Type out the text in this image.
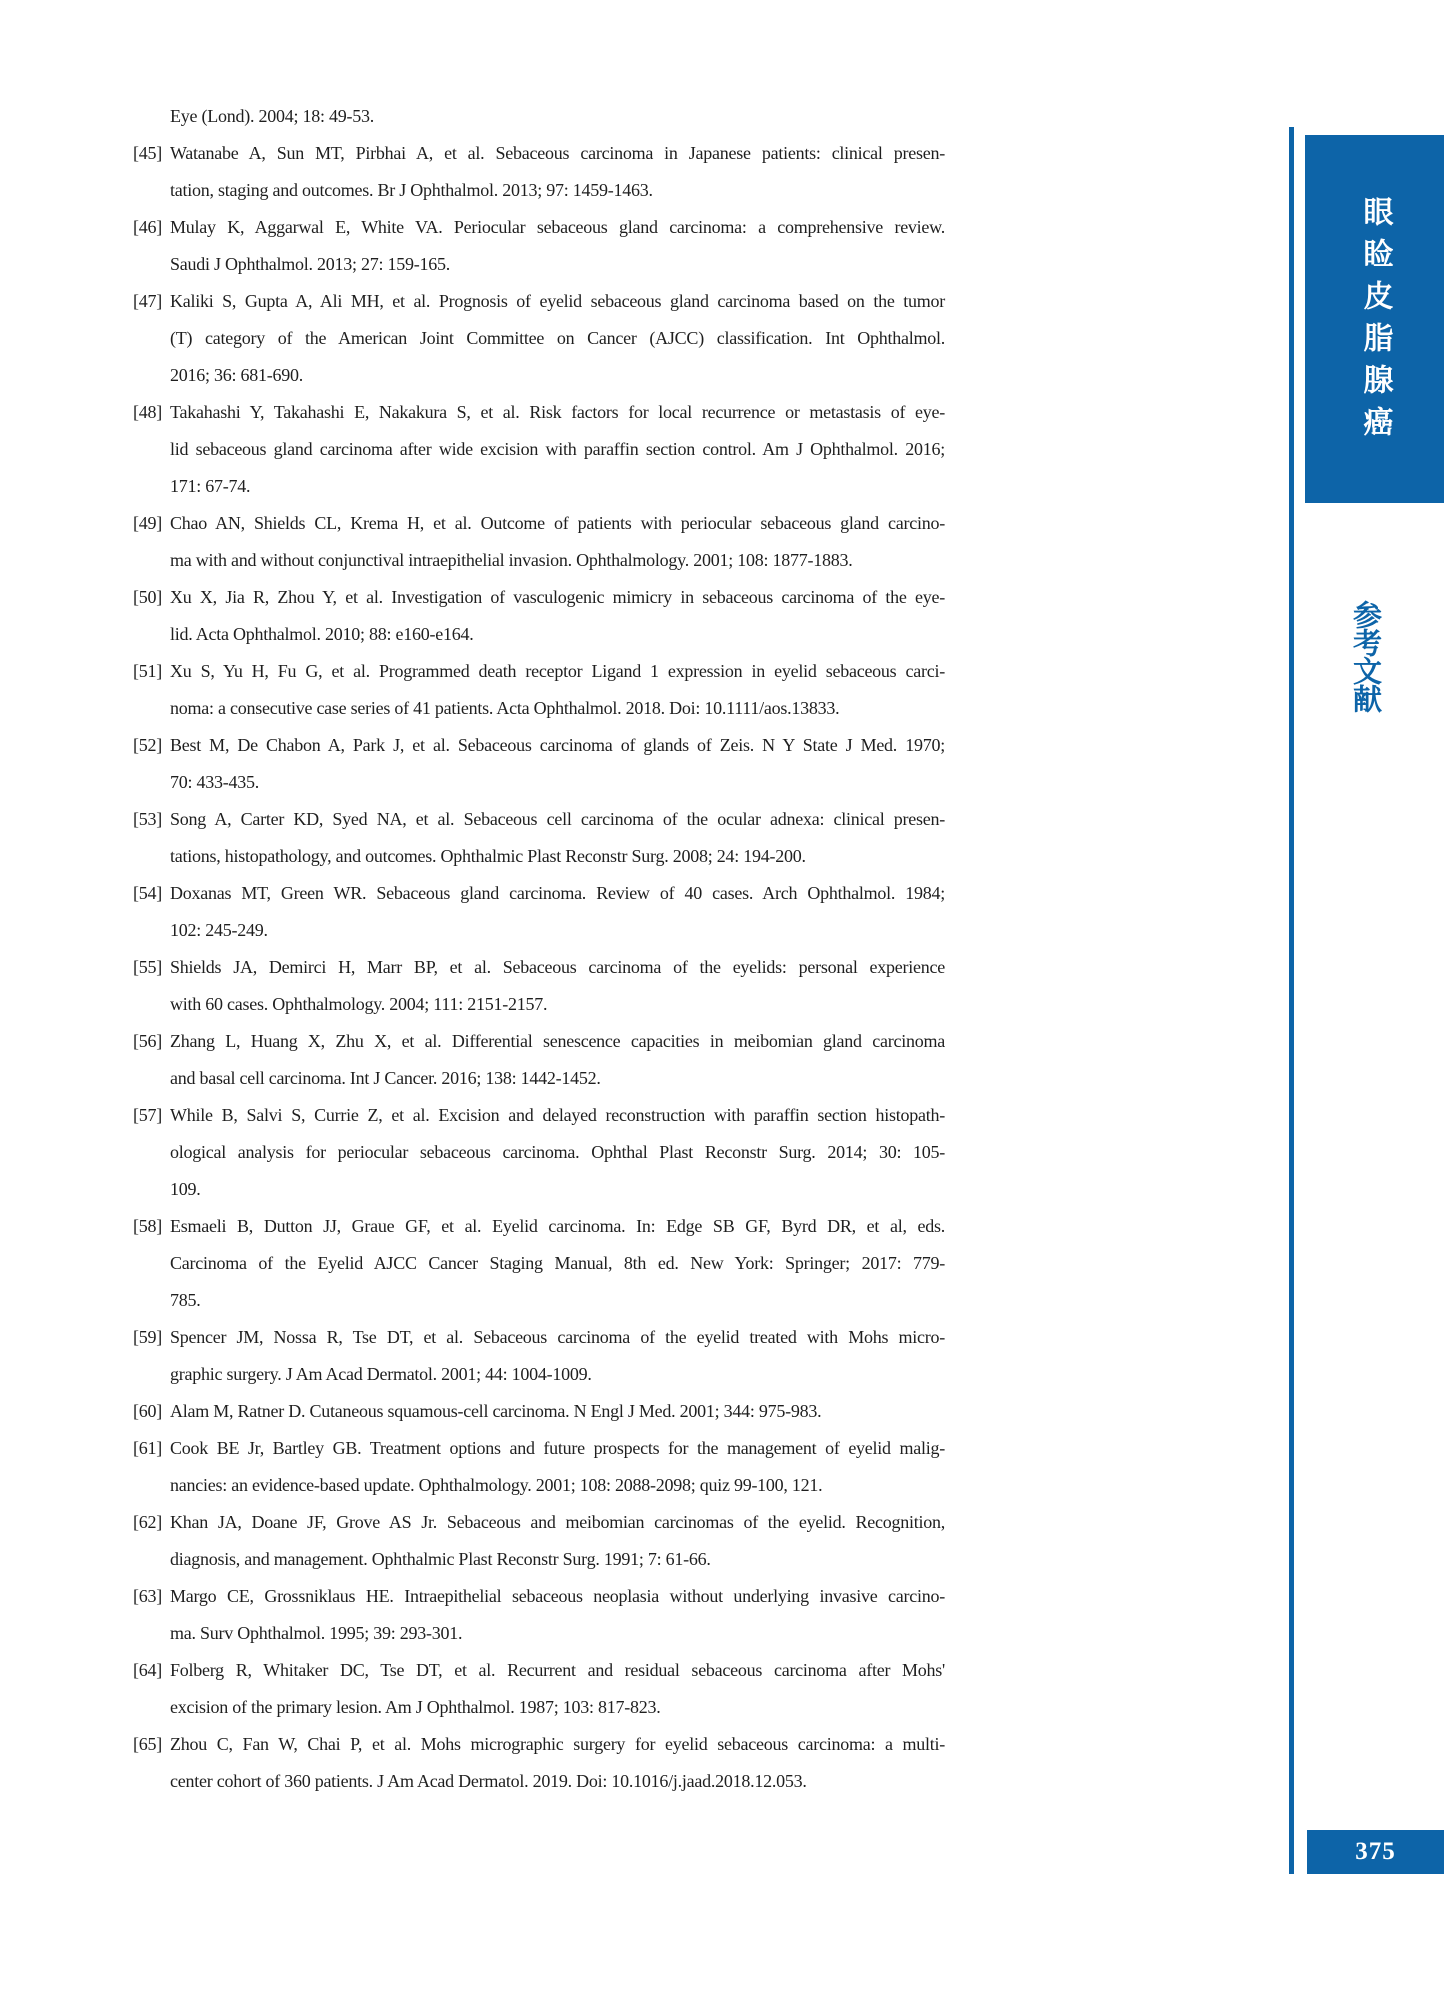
Eye (Lond). 2004; 18: 49-53.
[45] Watanabe A, Sun MT, Pirbhai A, et al. Sebaceous carcinoma in Japanese patients: clinical presen-
tation, staging and outcomes. Br J Ophthalmol. 2013; 97: 1459-1463.
[46] Mulay K, Aggarwal E, White VA. Periocular sebaceous gland carcinoma: a comprehensive review.
Saudi J Ophthalmol. 2013; 27: 159-165.
[47] Kaliki S, Gupta A, Ali MH, et al. Prognosis of eyelid sebaceous gland carcinoma based on the tumor
(T) category of the American Joint Committee on Cancer (AJCC) classification. Int Ophthalmol.
2016; 36: 681-690.
[48] Takahashi Y, Takahashi E, Nakakura S, et al. Risk factors for local recurrence or metastasis of eye-
lid sebaceous gland carcinoma after wide excision with paraffin section control. Am J Ophthalmol. 2016;
171: 67-74.
[49] Chao AN, Shields CL, Krema H, et al. Outcome of patients with periocular sebaceous gland carcino-
ma with and without conjunctival intraepithelial invasion. Ophthalmology. 2001; 108: 1877-1883.
[50] Xu X, Jia R, Zhou Y, et al. Investigation of vasculogenic mimicry in sebaceous carcinoma of the eye-
lid. Acta Ophthalmol. 2010; 88: e160-e164.
[51] Xu S, Yu H, Fu G, et al. Programmed death receptor Ligand 1 expression in eyelid sebaceous carci-
noma: a consecutive case series of 41 patients. Acta Ophthalmol. 2018. Doi: 10.1111/aos.13833.
[52] Best M, De Chabon A, Park J, et al. Sebaceous carcinoma of glands of Zeis. N Y State J Med. 1970;
70: 433-435.
[53] Song A, Carter KD, Syed NA, et al. Sebaceous cell carcinoma of the ocular adnexa: clinical presen-
tations, histopathology, and outcomes. Ophthalmic Plast Reconstr Surg. 2008; 24: 194-200.
[54] Doxanas MT, Green WR. Sebaceous gland carcinoma. Review of 40 cases. Arch Ophthalmol. 1984;
102: 245-249.
[55] Shields JA, Demirci H, Marr BP, et al. Sebaceous carcinoma of the eyelids: personal experience
with 60 cases. Ophthalmology. 2004; 111: 2151-2157.
[56] Zhang L, Huang X, Zhu X, et al. Differential senescence capacities in meibomian gland carcinoma
and basal cell carcinoma. Int J Cancer. 2016; 138: 1442-1452.
[57] While B, Salvi S, Currie Z, et al. Excision and delayed reconstruction with paraffin section histopath-
ological analysis for periocular sebaceous carcinoma. Ophthal Plast Reconstr Surg. 2014; 30: 105-
109.
[58] Esmaeli B, Dutton JJ, Graue GF, et al. Eyelid carcinoma. In: Edge SB GF, Byrd DR, et al, eds.
Carcinoma of the Eyelid AJCC Cancer Staging Manual, 8th ed. New York: Springer; 2017: 779-
785.
[59] Spencer JM, Nossa R, Tse DT, et al. Sebaceous carcinoma of the eyelid treated with Mohs micro-
graphic surgery. J Am Acad Dermatol. 2001; 44: 1004-1009.
[60] Alam M, Ratner D. Cutaneous squamous-cell carcinoma. N Engl J Med. 2001; 344: 975-983.
[61] Cook BE Jr, Bartley GB. Treatment options and future prospects for the management of eyelid malig-
nancies: an evidence-based update. Ophthalmology. 2001; 108: 2088-2098; quiz 99-100, 121.
[62] Khan JA, Doane JF, Grove AS Jr. Sebaceous and meibomian carcinomas of the eyelid. Recognition,
diagnosis, and management. Ophthalmic Plast Reconstr Surg. 1991; 7: 61-66.
[63] Margo CE, Grossniklaus HE. Intraepithelial sebaceous neoplasia without underlying invasive carcino-
ma. Surv Ophthalmol. 1995; 39: 293-301.
[64] Folberg R, Whitaker DC, Tse DT, et al. Recurrent and residual sebaceous carcinoma after Mohs'
excision of the primary lesion. Am J Ophthalmol. 1987; 103: 817-823.
[65] Zhou C, Fan W, Chai P, et al. Mohs micrographic surgery for eyelid sebaceous carcinoma: a multi-
center cohort of 360 patients. J Am Acad Dermatol. 2019. Doi: 10.1016/j.jaad.2018.12.053.
眼睑皮脂腺癌
参考文献
375
